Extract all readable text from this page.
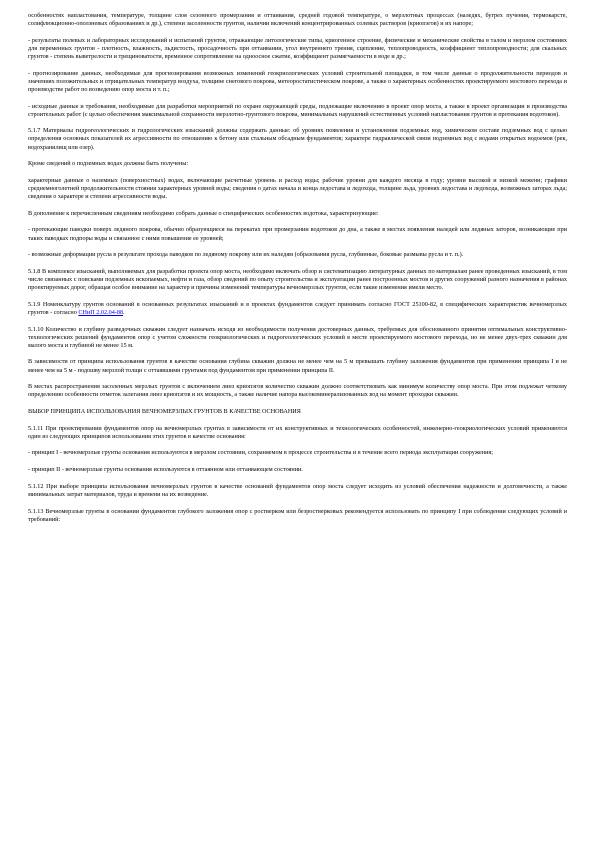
особенностях напластования, температуре, толщине слоя сезонного промерзания и оттаивания, средней годовой температуре, о мерзлотных процессах (наледях, бугрех пучения, термокарсте, солифлюкционно-оползневых образованиях и др.), степени засоленности грунтов, наличии включений концентрированных солевых растворов (криопэгов) и их напоре;

- результаты полевых и лабораторных исследований и испытаний грунтов, отражающие литологические типы, криогенное строение, физические и механические свойства в талом и мерзлом состояниях для переменных грунтов - плотность, влажность, льдистость, просадочность при оттаивании, угол внутреннего трения, сцепление, теплопроводность, коэффициент теплопроводности; для скальных грунтов - степень выветрелости и трещиноватости, временное сопротивление на одноосное сжатие, коэффициент размягчаемости в воде и др.;

- прогнозирование данных, необходимые для прогнозирования возможных изменений геокриологических условий строительной площадки, в том числе данные о продолжительности периодов и значениях положительных и отрицательных температур воздуха, толщине снегового покрова, метеоростатистическом покрове, а также о характерных особенностях проектируемого мостового перехода и производстве работ по возведению опор моста и т. п.;

- исходные данные и требования, необходимые для разработки мероприятий по охране окружающей среды, подлежащие включению в проект опор моста, а также в проект организации и производства строительных работ (с целью обеспечения максимальной сохранности мерзлотно-грунтового покрова, минимальных нарушений естественных условий напластования грунтов и протекания водотоков).

5.1.7 Материалы гидрогеологических и гидрологических изысканий должны содержать данные: об уровнях появления и установления подземных вод, химическом составе подземных вод с целью определения основных показателей их агрессивности по отношению к бетону или стальным обсадным фундаментов; характере гидравлической связи подземных вод с водами открытых водоемов (рек, водохранилищ или озер).

Кроме сведений о подземных водах должны быть получены:

характерные данные о наземных (поверхностных) водах, включающие расчетные уровень и расход воды; рабочие уровни для каждого месяца в году; уровни высокой и низкой межени; графики среднемноголетней продолжительности стояния характерных уровней воды; сведения о датах начала и конца ледостава и ледохода, толщине льда, уровнях ледостава и ледохода, возможных заторах льда; сведения о характере и степени агрессивности воды.

В дополнение к перечисленным сведениям необходимо собрать данные о специфических особенностях водотока, характеризующие:

- протекающие паводки поверх ледяного покрова, обычно образующиеся на перекатах при промерзании водотоков до дна, а также в местах появления наледей или ледяных заторов, возникающие при таких паводках подпоры воды и связанное с ними повышение ее уровней;

- возможные деформации русла в результате прохода паводков по ледяному покрову или их наледям (образования русла, глубинные, боковые размывы русла и т. п.).

5.1.8 В комплексе изысканий, выполняемых для разработки проекта опор моста, необходимо включать обзор и систематизацию литературных данных по материалам ранее проведенных изысканий, в том числе связанных с поисками подземных ископаемых, нефти и газа, обзор сведений по опыту строительства и эксплуатации ранее построенных мостов и других сооружений разного назначения в районах проектируемых дорог, обращая особое внимание на характер и причины изменений температуры вечномерзлых грунтов, если такие изменения имели место.

5.1.9 Номенклатуру грунтов оснований в основанных результатах изысканий и в проектах фундаментов следует принимать согласно ГОСТ 25100-82, в специфических характеристик вечномерзлых грунтов - согласно СНиП 2.02.04-88.

5.1.10 Количество и глубину разведочных скважин следует назначать исходя из необходимости получения достоверных данных, требуемых для обоснованного принятия оптимальных конструктивно-технологических решений фундаментов опор с учетом сложности геокриологических и гидрогеологических условий в месте проектируемого мостового перехода, но не менее двух-трех скважин для малого моста и глубиной не менее 15 м.

В зависимости от принципа использования грунтов в качестве основания глубина скважин должна не менее чем на 5 м превышать глубину заложения фундаментов при применении принципа I и не менее чем на 5 м - подошву мерзлой толщи с оттаявшими грунтами под фундаментом при применении принципа II.

В местах распространения засоленных мерзлых грунтов с включением линз криопэгов количество скважин должно соответствовать как минимум количеству опор моста. При этом подлежат четкому определению особенности отметок залегания линз криопэгов и их мощность, а также наличие напора высокоминерализованных вод на момент проходки скважин.

ВЫБОР ПРИНЦИПА ИСПОЛЬЗОВАНИЯ ВЕЧНОМЕРЗЛЫХ ГРУНТОВ В КАЧЕСТВЕ ОСНОВАНИЯ

5.1.11 При проектировании фундаментов опор на вечномерзлых грунтах в зависимости от их конструктивных и технологических особенностей, инженерно-геокриологических условий применяются один из следующих принципов использования этих грунтов в качестве основания:

- принцип I - вечномерзлые грунты основания используются в мерзлом состоянии, сохраняемом в процессе строительства и в течение всего периода эксплуатации сооружения;

- принцип II - вечномерзлые грунты основания используются в оттаянном или оттаивающем состоянии.

5.1.12 При выборе принципа использования вечномерзлых грунтов в качестве оснований фундаментов опор моста следует исходить из условий обеспечения надежности и долговечности, а также минимальных затрат материалов, труда и времени на их возведение.

5.1.13 Вечномерзлые грунты в основании фундаментов глубокого заложения опор с ростверком или безростверковых рекомендуется использовать по принципу I при соблюдении следующих условий и требований:
